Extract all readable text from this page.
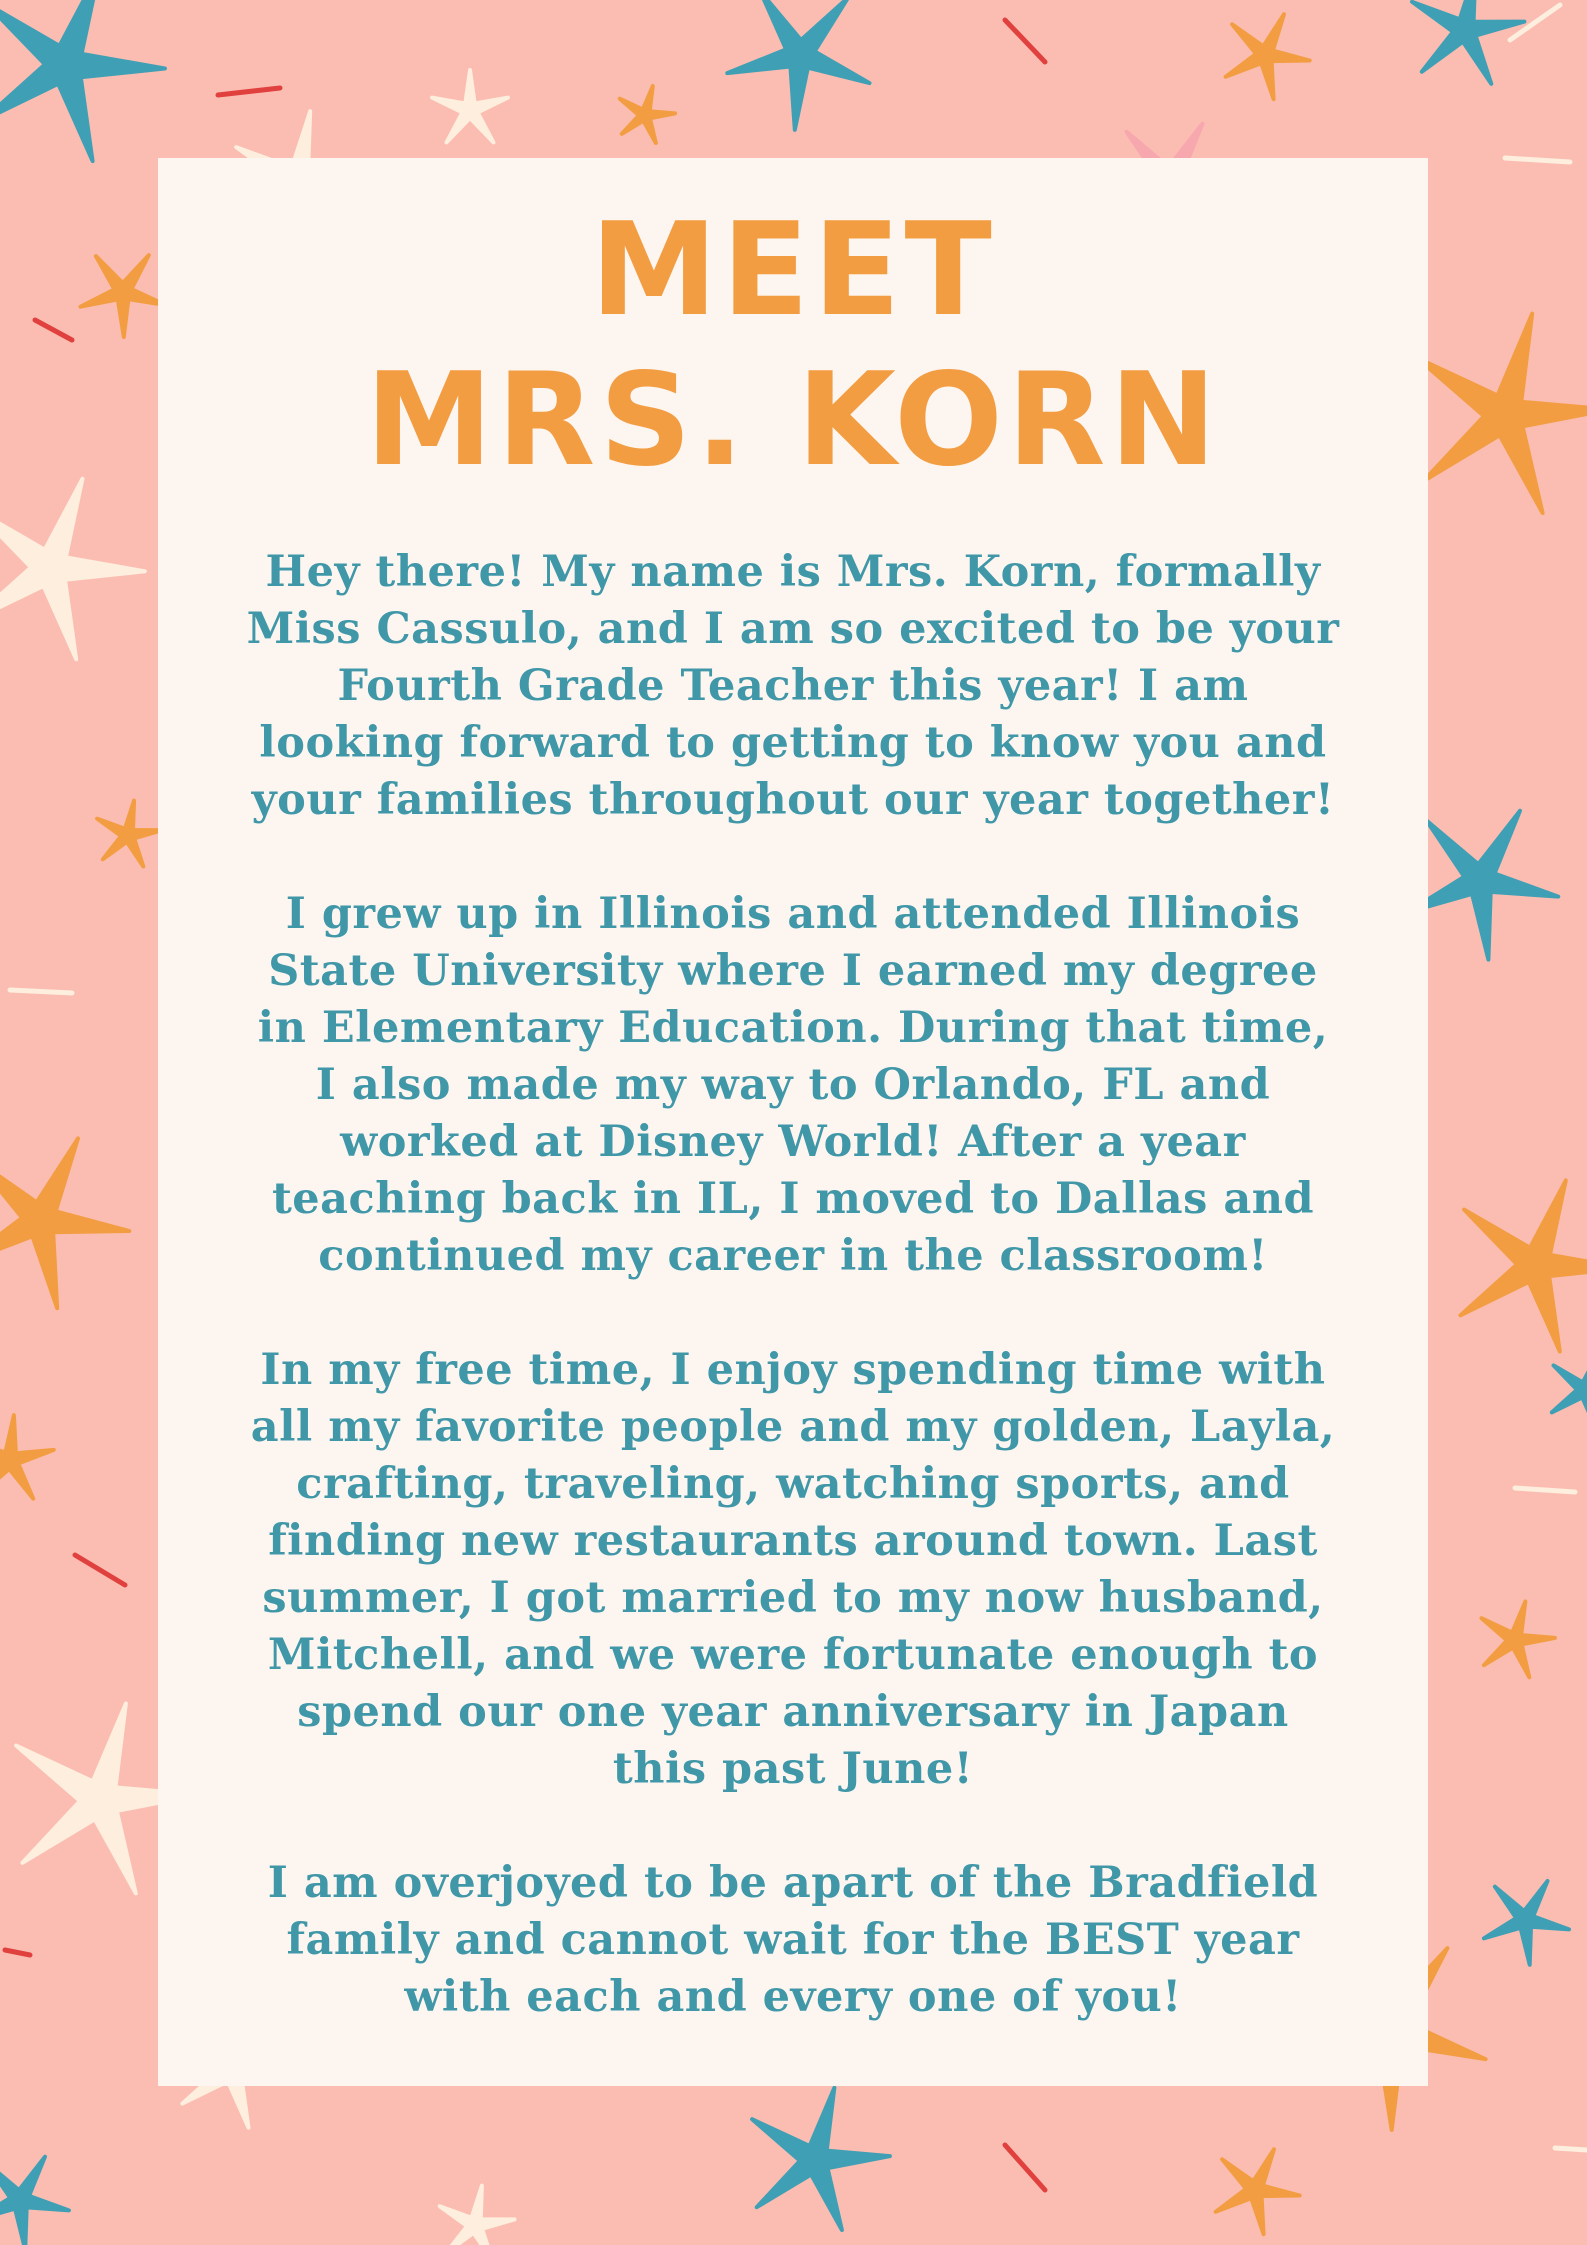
MEET
MRS. KORN

Hey there! My name is Mrs. Korn, formally
Miss Cassulo, and I am so excited to be your
Fourth Grade Teacher this year! I am
looking forward to getting to know you and
your families throughout our year together!

I grew up in Illinois and attended Illinois
State University where I earned my degree
in Elementary Education. During that time,
I also made my way to Orlando, FL and
worked at Disney World! After a year
teaching back in IL, I moved to Dallas and
continued my career in the classroom!

In my free time, I enjoy spending time with
all my favorite people and my golden, Layla,
crafting, traveling, watching sports, and
finding new restaurants around town. Last
summer, I got married to my now husband,
Mitchell, and we were fortunate enough to
spend our one year anniversary in Japan
this past June!

I am overjoyed to be apart of the Bradfield
family and cannot wait for the BEST year
with each and every one of you!
